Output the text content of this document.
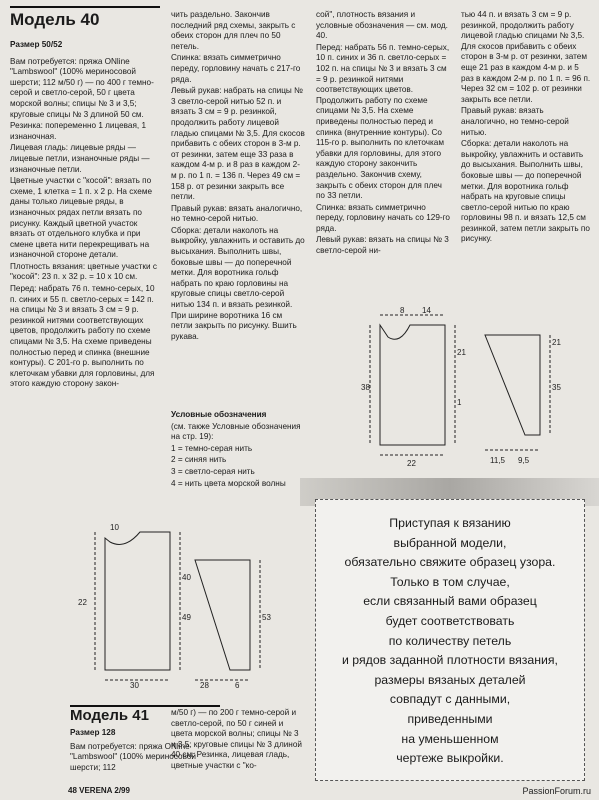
Модель 40

Размер 50/52

Вам потребуется: пряжа ONline "Lambswool" (100% мериносовой шерсти; 112 м/50 г) — по 400 г темно-серой и светло-серой, 50 г цвета морской волны; спицы № 3 и 3,5; круговые спицы № 3 длиной 50 см.

Резинка: попеременно 1 лицевая, 1 изнаночная.

Лицевая гладь: лицевые ряды — лицевые петли, изнаночные ряды — изнаночные петли.

Цветные участки с "косой": вязать по схеме, 1 клетка = 1 п. х 2 р. На схеме даны только лицевые ряды, в изнаночных рядах петли вязать по рисунку. Каждый цветной участок вязать от отдельного клубка и при смене цвета нити перекрещивать на изнаночной стороне детали.

Плотность вязания: цветные участки с "косой": 23 п. х 32 р. = 10 х 10 см.

Перед: набрать 76 п. темно-серых, 10 п. синих и 55 п. светло-серых = 142 п. на спицы № 3 и вязать 3 см = 9 р. резинкой нитями соответствующих цветов, продолжить работу по схеме спицами № 3,5. На схеме приведены полностью перед и спинка (внешние контуры). С 201-го р. выполнить по клеточкам убавки для горловины, для этого каждую сторону закон-

чить раздельно. Закончив последний ряд схемы, закрыть с обеих сторон для плеч по 50 петель.

Спинка: вязать симметрично переду, горловину начать с 217-го ряда.

Левый рукав: набрать на спицы № 3 светло-серой нитью 52 п. и вязать 3 см = 9 р. резинкой, продолжить работу лицевой гладью спицами № 3,5. Для скосов прибавить с обеих сторон в 3-м р. от резинки, затем еще 33 раза в каждом 4-м р. и 8 раз в каждом 2-м р. по 1 п. = 136 п. Через 49 см = 158 р. от резинки закрыть все петли.

Правый рукав: вязать аналогично, но темно-серой нитью.

Сборка: детали наколоть на выкройку, увлажнить и оставить до высыхания. Выполнить швы, боковые швы — до поперечной метки. Для воротника гольф набрать по краю горловины на круговые спицы светло-серой нитью 134 п. и вязать резинкой. При ширине воротника 16 см петли закрыть по рисунку. Вшить рукава.

Условные обозначения

(см. также Условные обозначения на стр. 19):

1 = темно-серая нить

2 = синяя нить

3 = светло-серая нить

4 = нить цвета морской волны

сой", плотность вязания и условные обозначения — см. мод. 40.

Перед: набрать 56 п. темно-серых, 10 п. синих и 36 п. светло-серых = 102 п. на спицы № 3 и вязать 3 см = 9 р. резинкой нитями соответствующих цветов. Продолжить работу по схеме спицами № 3,5. На схеме приведены полностью перед и спинка (внутренние контуры). Со 115-го р. выполнить по клеточкам убавки для горловины, для этого каждую сторону закончить раздельно. Закончив схему, закрыть с обеих сторон для плеч по 33 петли.

Спинка: вязать симметрично переду, горловину начать со 129-го ряда.

Левый рукав: вязать на спицы № 3 светло-серой ни-

тью 44 п. и вязать 3 см = 9 р. резинкой, продолжить работу лицевой гладью спицами № 3,5. Для скосов прибавить с обеих сторон в 3-м р. от резинки, затем еще 21 раз в каждом 4-м р. и 5 раз в каждом 2-м р. по 1 п. = 96 п. Через 32 см = 102 р. от резинки закрыть все петли.

Правый рукав: вязать аналогично, но темно-серой нитью.

Сборка: детали наколоть на выкройку, увлажнить и оставить до высыхания. Выполнить швы, боковые швы — до поперечной метки. Для воротника гольф набрать на круговые спицы светло-серой нитью по краю горловины 98 п. и вязать 12,5 см резинкой, затем петли закрыть по рисунку.

8 14
21
38
1
22
21
35
11,5 9,5
40
49	53
30
10
28
22
6

Приступая к вязанию

выбранной модели,

обязательно свяжите образец узора.

Только в том случае,

если связанный вами образец

будет соответствовать

по количеству петель

и рядов заданной плотности вязания,

размеры вязаных деталей

совпадут с данными,

приведенными

на уменьшенном

чертеже выкройки.

Модель 41

Размер 128

Вам потребуется: пряжа ONline "Lambswool" (100% мериносовой шерсти; 112

м/50 г) — по 200 г темно-серой и светло-серой, по 50 г синей и цвета морской волны; спицы № 3 и 3,5; круговые спицы № 3 длиной 40 см. Резинка, лицевая гладь, цветные участки с "ко-

48 VERENA 2/99	PassionForum.ru
